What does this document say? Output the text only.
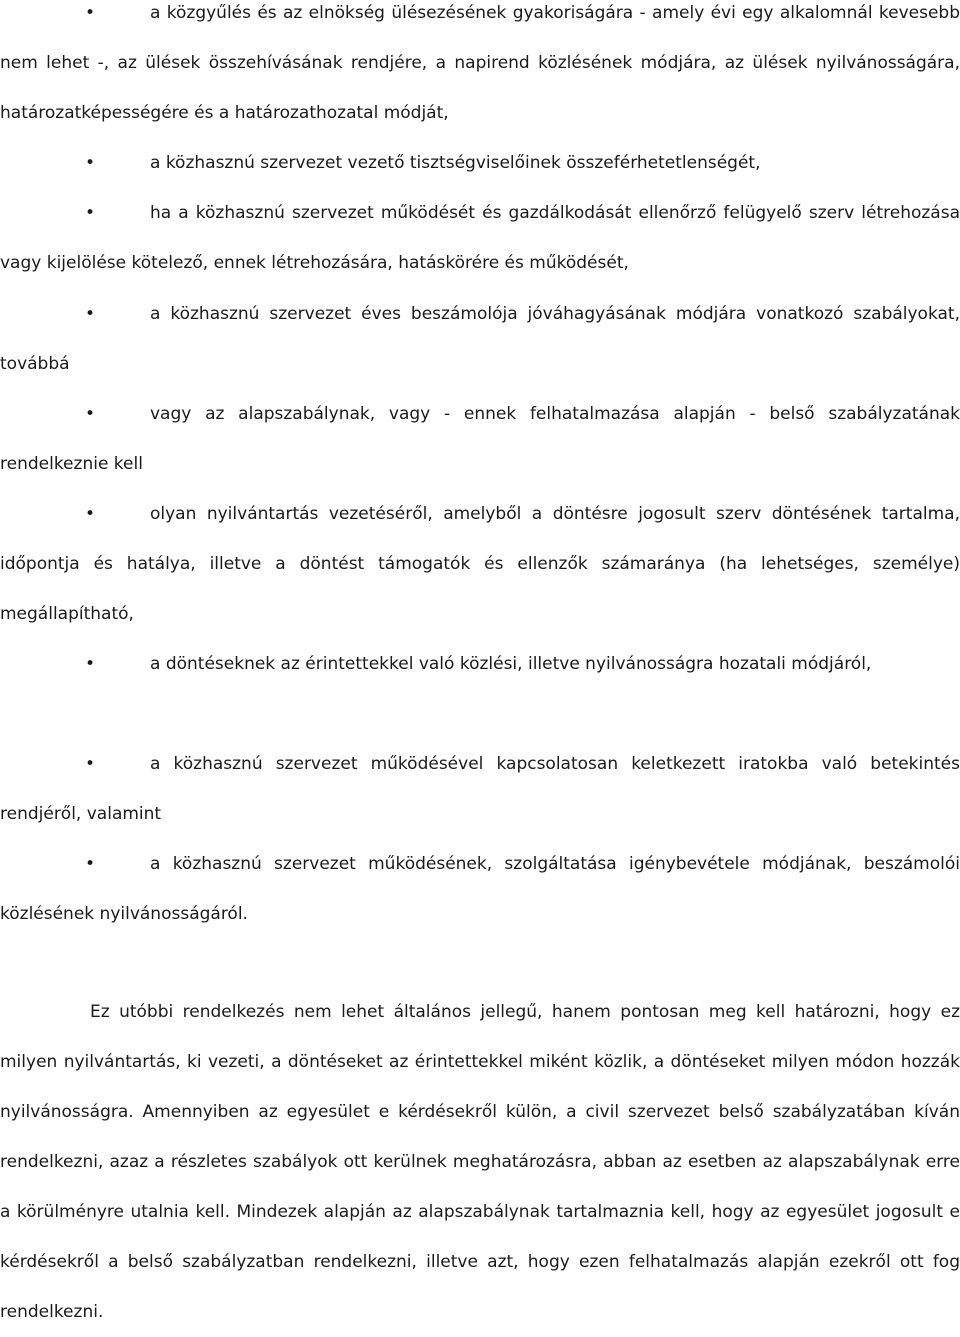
•	a közgyűlés és az elnökség ülésezésének gyakoriságára - amely évi egy alkalomnál kevesebb nem lehet -, az ülések összehívásának rendjére, a napirend közlésének módjára, az ülések nyilvánosságára, határozatképességére és a határozathozatal módját,

•	a közhasznú szervezet vezető tisztségviselőinek összeférhetetlenségét,

•	ha a közhasznú szervezet működését és gazdálkodását ellenőrző felügyelő szerv létrehozása vagy kijelölése kötelező, ennek létrehozására, hatáskörére és működését,

•	a közhasznú szervezet éves beszámolója jóváhagyásának módjára vonatkozó szabályokat, továbbá

•	vagy az alapszabálynak, vagy - ennek felhatalmazása alapján - belső szabályzatának rendelkeznie kell

•	olyan nyilvántartás vezetéséről, amelyből a döntésre jogosult szerv döntésének tartalma, időpontja és hatálya, illetve a döntést támogatók és ellenzők számaránya (ha lehetséges, személye) megállapítható,

•	a döntéseknek az érintettekkel való közlési, illetve nyilvánosságra hozatali módjáról,

•	a közhasznú szervezet működésével kapcsolatosan keletkezett iratokba való betekintés rendjéről, valamint

•	a közhasznú szervezet működésének, szolgáltatása igénybevétele módjának, beszámolói közlésének nyilvánosságáról.

Ez utóbbi rendelkezés nem lehet általános jellegű, hanem pontosan meg kell határozni, hogy ez milyen nyilvántartás, ki vezeti, a döntéseket az érintettekkel miként közlik, a döntéseket milyen módon hozzák nyilvánosságra. Amennyiben az egyesület e kérdésekről külön, a civil szervezet belső szabályzatában kíván rendelkezni, azaz a részletes szabályok ott kerülnek meghatározásra, abban az esetben az alapszabálynak erre a körülményre utalnia kell. Mindezek alapján az alapszabálynak tartalmaznia kell, hogy az egyesület jogosult e kérdésekről a belső szabályzatban rendelkezni, illetve azt, hogy ezen felhatalmazás alapján ezekről ott fog rendelkezni.
